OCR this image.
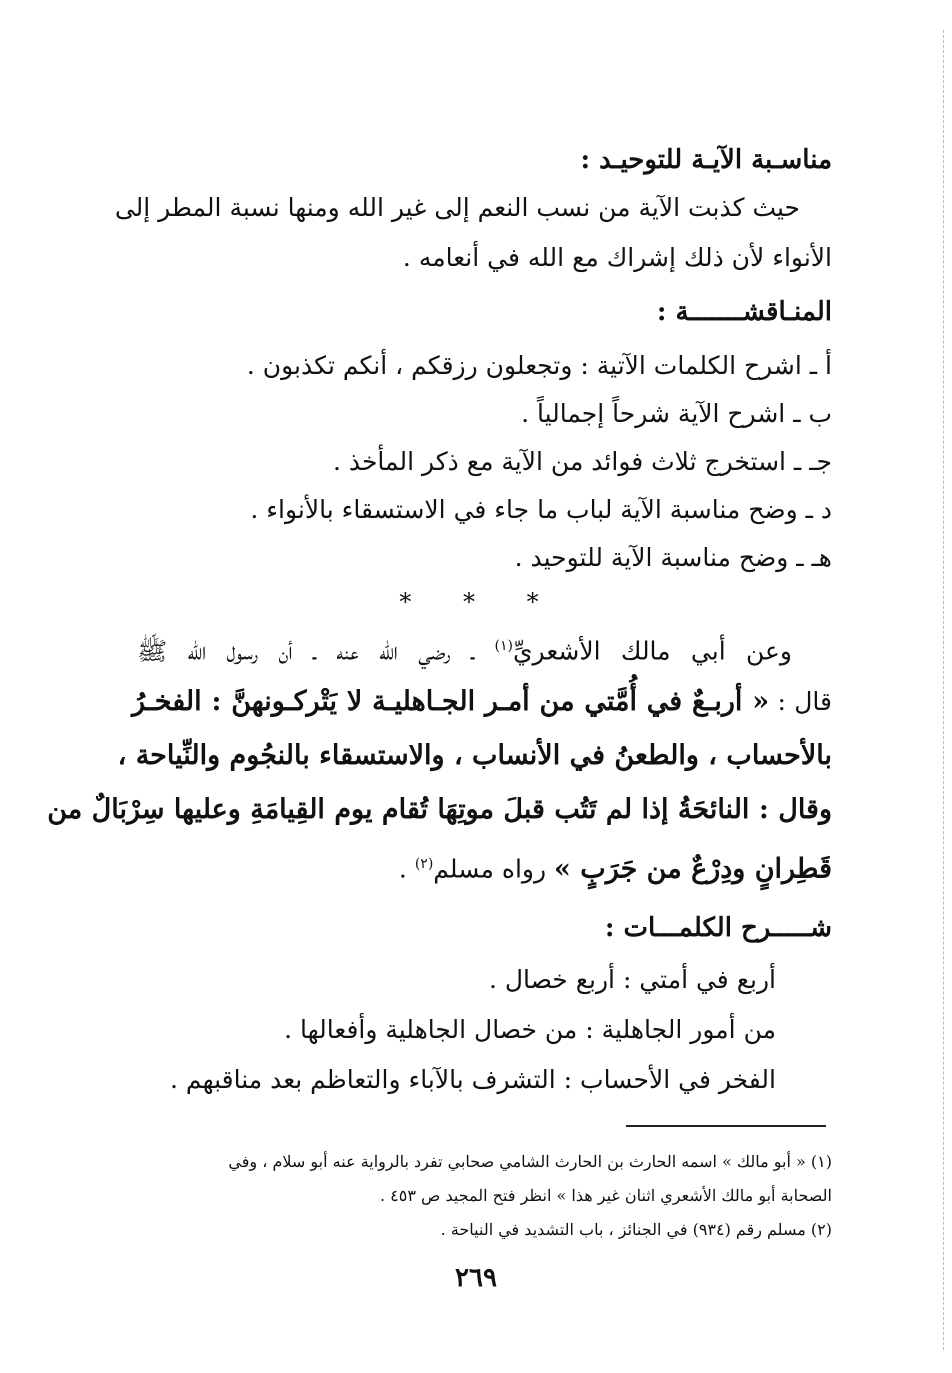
مناسـبة الآيـة للتوحيـد :
حيث كذبت الآية من نسب النعم إلى غير الله ومنها نسبة المطر إلى
الأنواء لأن ذلك إشراك مع الله في أنعامه .
المنـاقشـــــــة :
أ ـ اشرح الكلمات الآتية : وتجعلون رزقكم ، أنكم تكذبون .
ب ـ اشرح الآية شرحاً إجمالياً .
جـ ـ استخرج ثلاث فوائد من الآية مع ذكر المأخذ .
د ـ وضح مناسبة الآية لباب ما جاء في الاستسقاء بالأنواء .
هـ ـ وضح مناسبة الآية للتوحيد .
* * *
وعن أبي مالك الأشعريِّ$^{(١)}$ ـ رضي الله عنه ـ أن رسول الله ﷺ
قال : « أربـعٌ في أُمَّتي من أمـر الجـاهليـة لا يَتْركـونهنَّ : الفخـرُ
بالأحساب ، والطعنُ في الأنساب ، والاستسقاء بالنجُوم والنِّياحة ،
وقال : النائحَةُ إذا لم تَتُب قبلَ موتِهَا تُقام يوم القِيامَةِ وعليها سِرْبَالٌ من
قَطِرانٍ ودِرْعٌ من جَرَبٍ » رواه مسلم$^{(٢)}$ .
شـــــرح الكلمـــات :
أربع في أمتي : أربع خصال .
من أمور الجاهلية : من خصال الجاهلية وأفعالها .
الفخر في الأحساب : التشرف بالآباء والتعاظم بعد مناقبهم .
(١) « أبو مالك » اسمه الحارث بن الحارث الشامي صحابي تفرد بالرواية عنه أبو سلام ، وفي
الصحابة أبو مالك الأشعري اثنان غير هذا » انظر فتح المجيد ص ٤٥٣ .
(٢) مسلم رقم (٩٣٤) في الجنائز ، باب التشديد في النياحة .
٢٦٩
